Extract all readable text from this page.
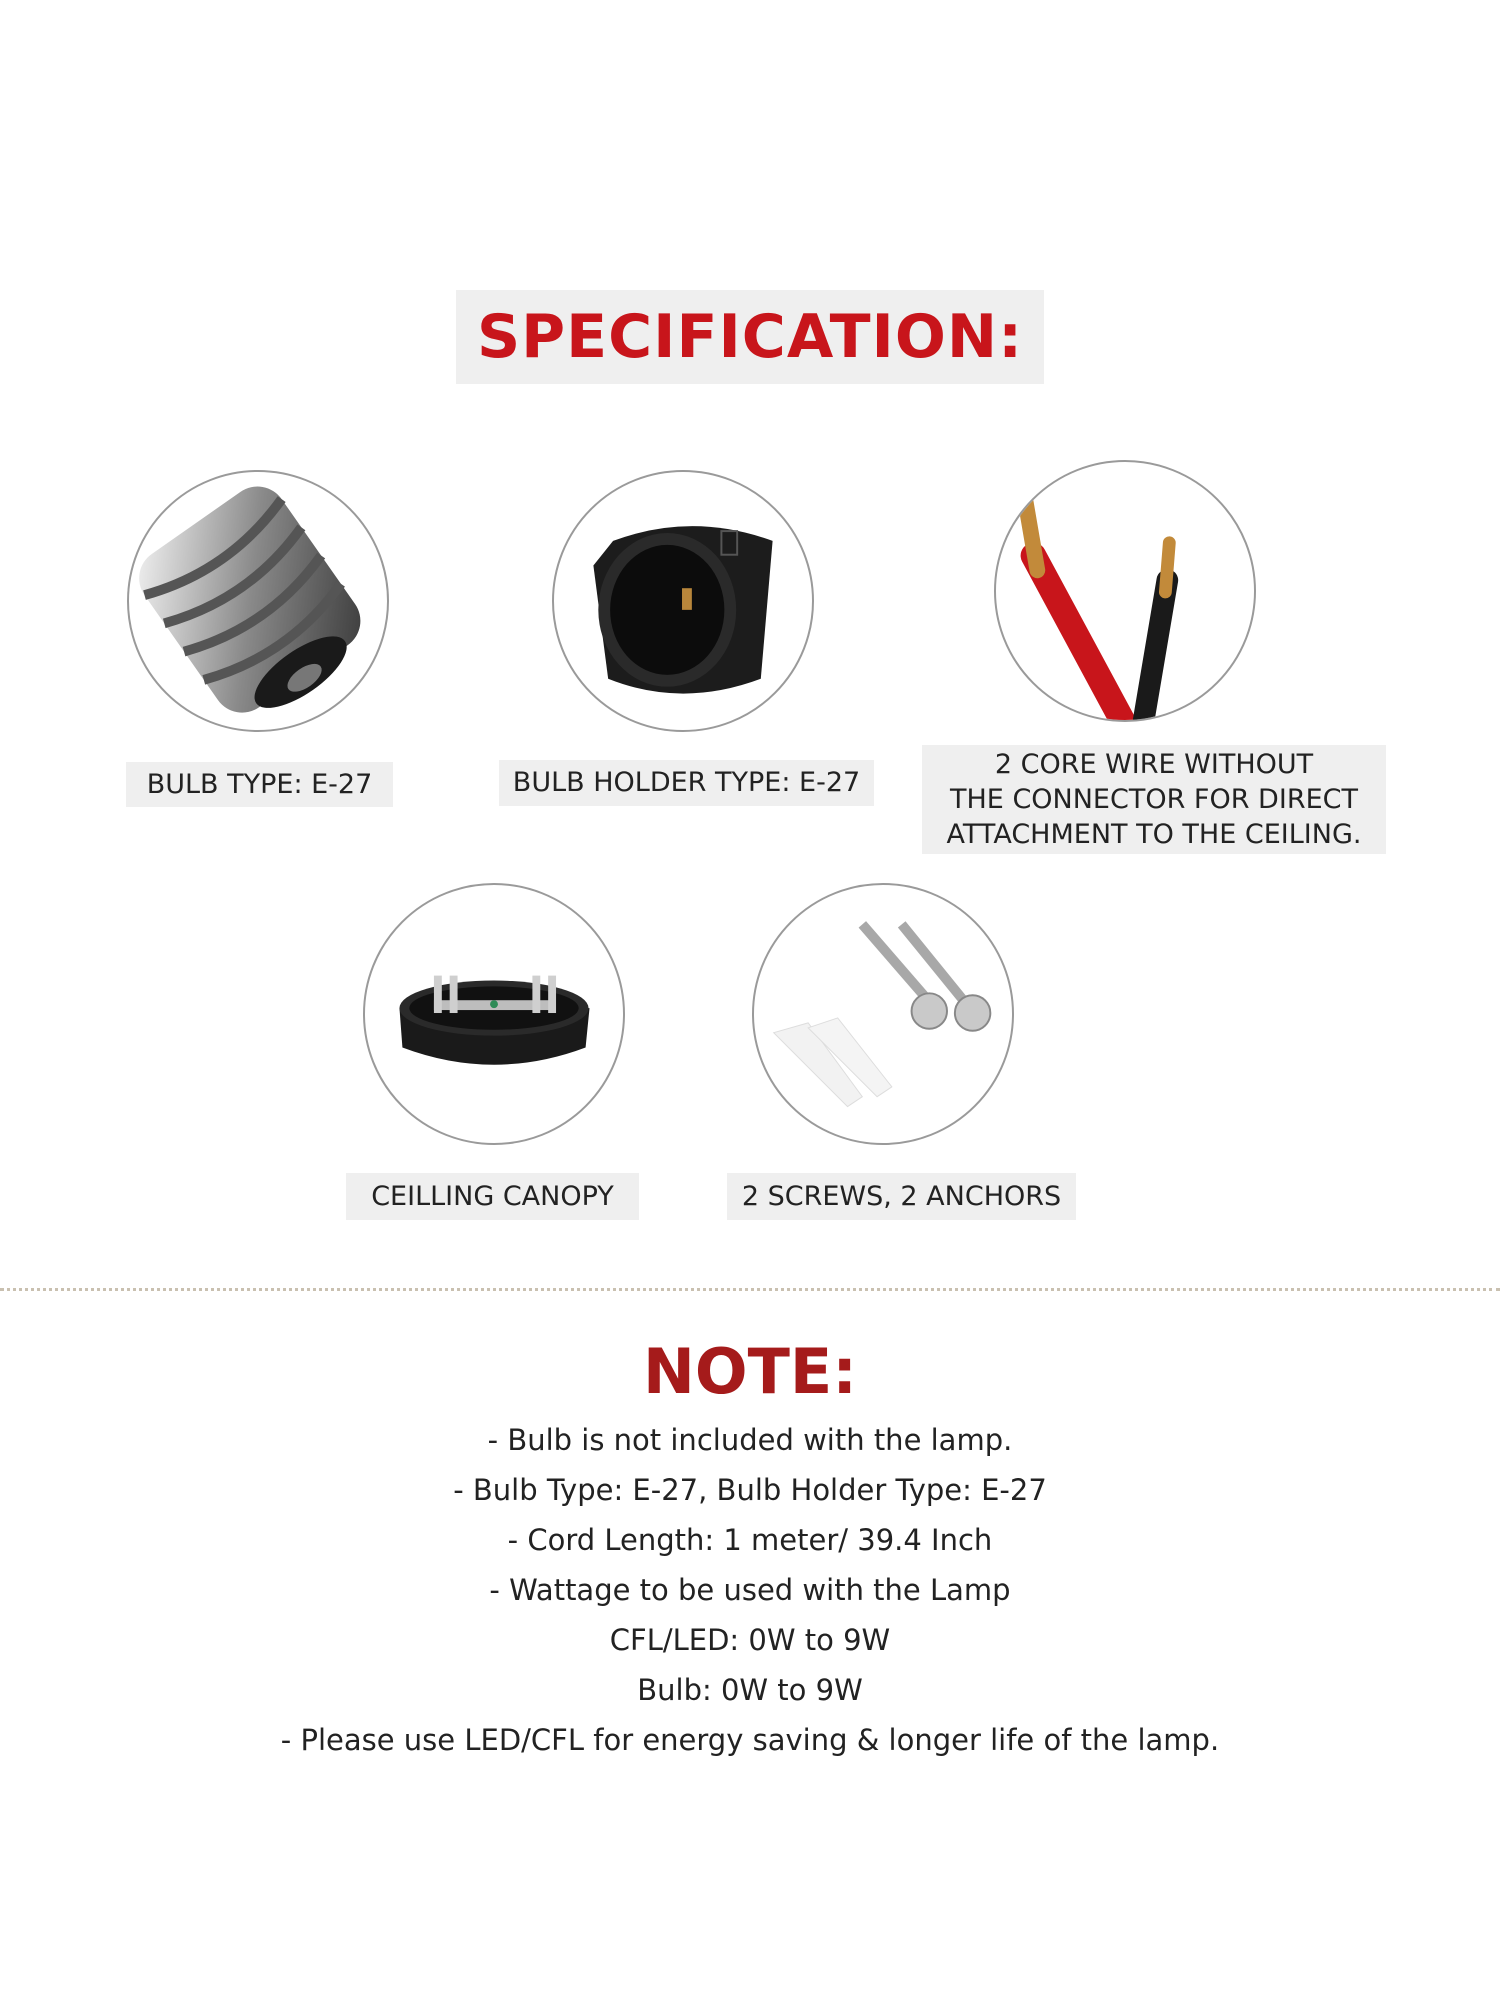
SPECIFICATION:
BULB TYPE: E-27	BULB HOLDER TYPE: E-27
2 CORE WIRE WITHOUT
THE CONNECTOR FOR DIRECT
ATTACHMENT TO THE CEILING.
CEILLING CANOPY	2 SCREWS, 2 ANCHORS
NOTE:
- Bulb is not included with the lamp.
- Bulb Type: E-27, Bulb Holder Type: E-27
- Cord Length: 1 meter/ 39.4 Inch
- Wattage to be used with the Lamp
CFL/LED: 0W to 9W
Bulb: 0W to 9W
- Please use LED/CFL for energy saving & longer life of the lamp.
